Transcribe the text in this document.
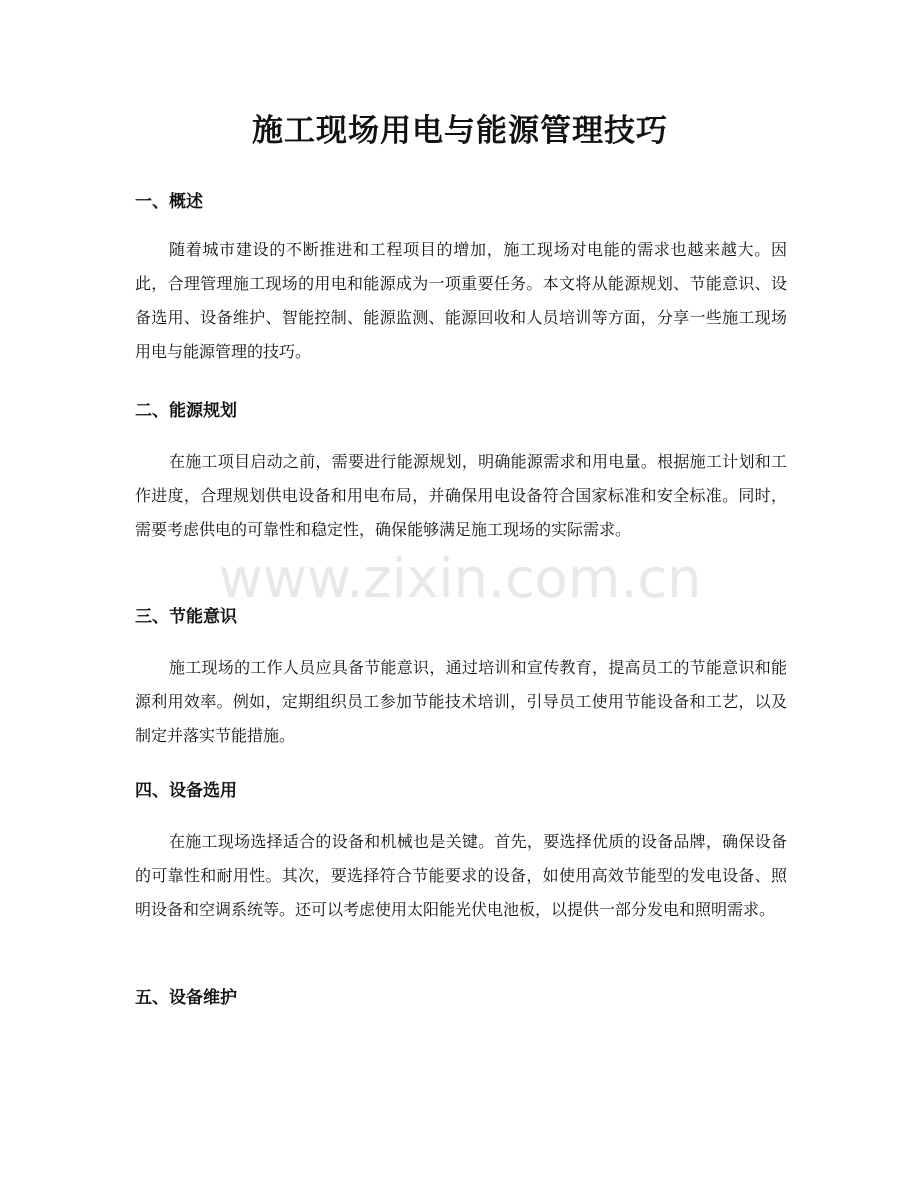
施工现场用电与能源管理技巧
一、概述

随着城市建设的不断推进和工程项目的增加，施工现场对电能的需求也越来越大。因此，合理管理施工现场的用电和能源成为一项重要任务。本文将从能源规划、节能意识、设备选用、设备维护、智能控制、能源监测、能源回收和人员培训等方面，分享一些施工现场用电与能源管理的技巧。

二、能源规划

在施工项目启动之前，需要进行能源规划，明确能源需求和用电量。根据施工计划和工作进度，合理规划供电设备和用电布局，并确保用电设备符合国家标准和安全标准。同时，需要考虑供电的可靠性和稳定性，确保能够满足施工现场的实际需求。

三、节能意识

施工现场的工作人员应具备节能意识，通过培训和宣传教育，提高员工的节能意识和能源利用效率。例如，定期组织员工参加节能技术培训，引导员工使用节能设备和工艺，以及制定并落实节能措施。

四、设备选用

在施工现场选择适合的设备和机械也是关键。首先，要选择优质的设备品牌，确保设备的可靠性和耐用性。其次，要选择符合节能要求的设备，如使用高效节能型的发电设备、照明设备和空调系统等。还可以考虑使用太阳能光伏电池板，以提供一部分发电和照明需求。

五、设备维护
www.zixin.com.cn
